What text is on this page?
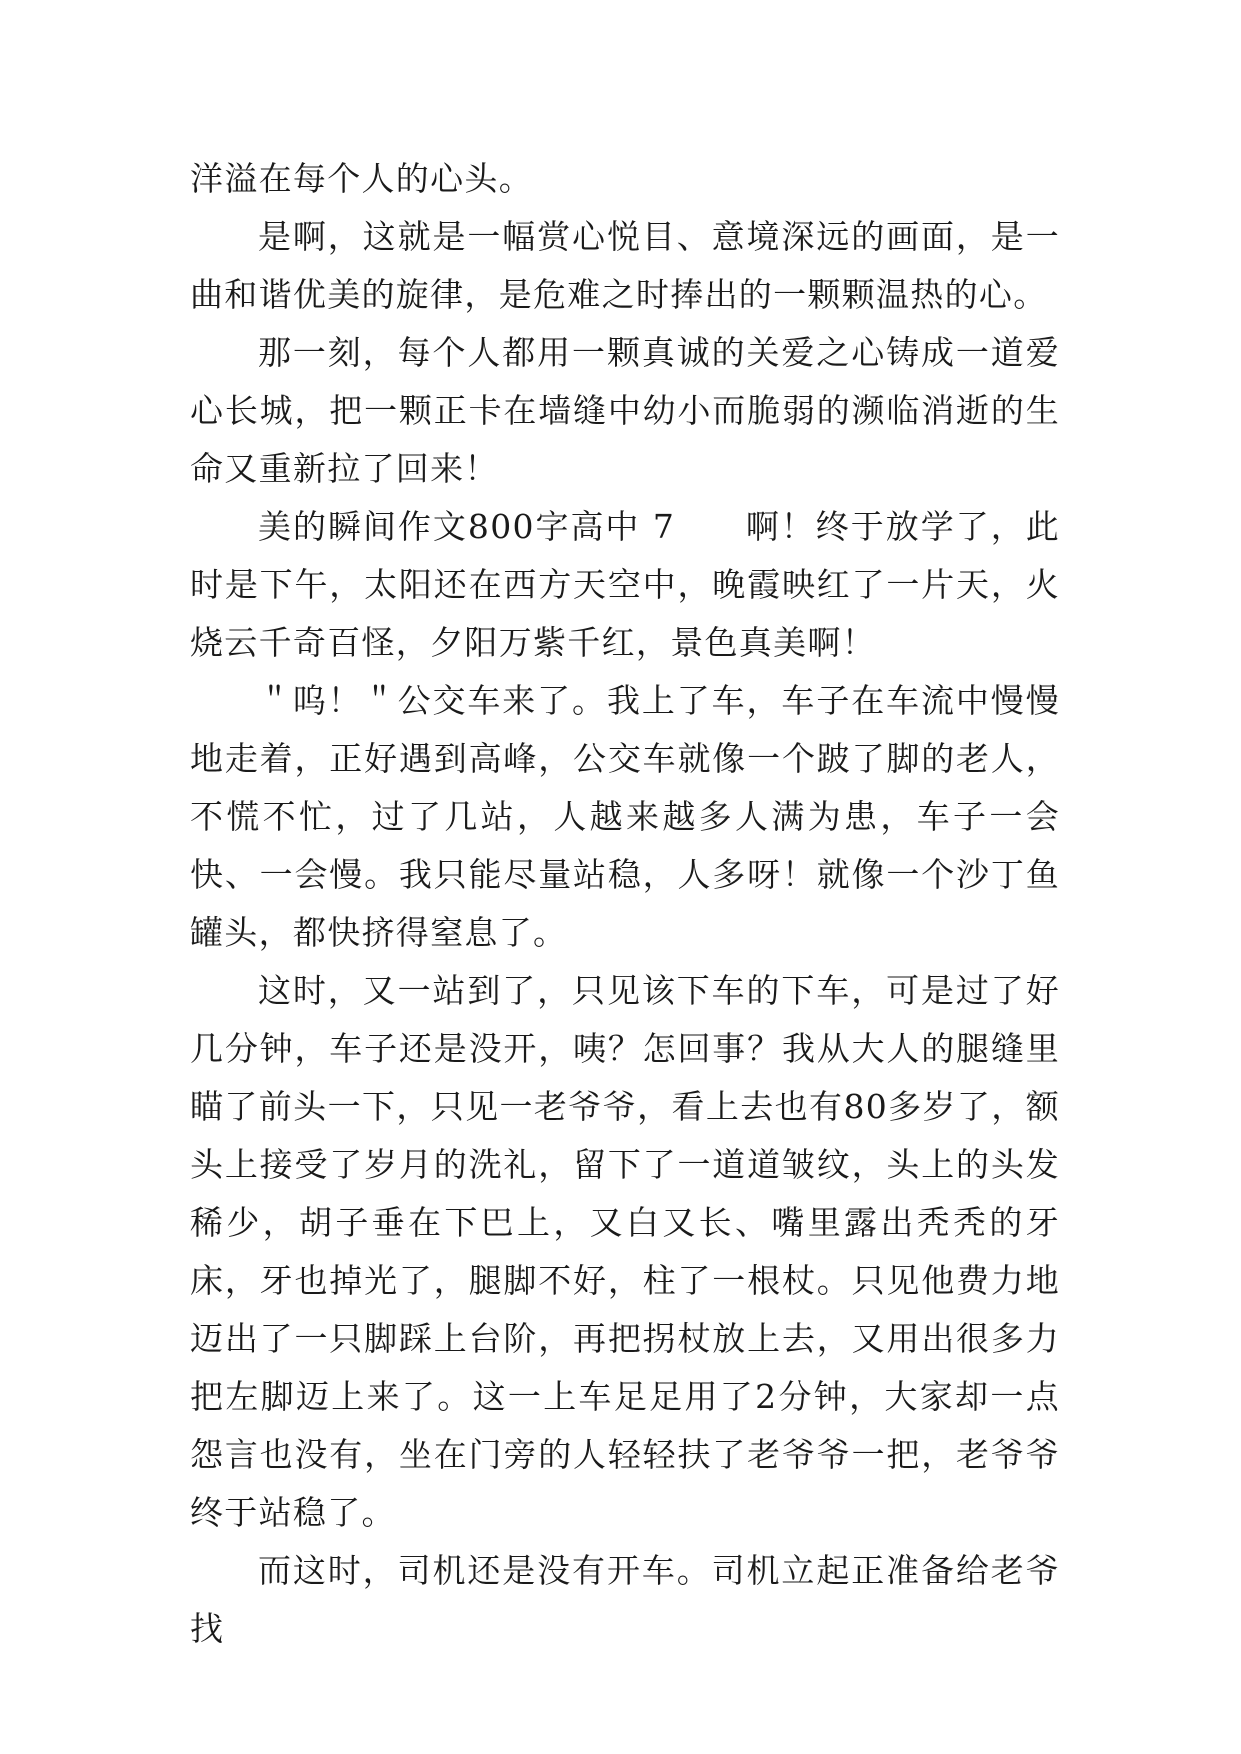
洋溢在每个人的心头。

是啊，这就是一幅赏心悦目、意境深远的画面，是一曲和谐优美的旋律，是危难之时捧出的一颗颗温热的心。

那一刻，每个人都用一颗真诚的关爱之心铸成一道爱心长城，把一颗正卡在墙缝中幼小而脆弱的濒临消逝的生命又重新拉了回来！

美的瞬间作文800字高中 7　　啊！终于放学了，此时是下午，太阳还在西方天空中，晚霞映红了一片天，火烧云千奇百怪，夕阳万紫千红，景色真美啊！

＂呜！＂公交车来了。我上了车，车子在车流中慢慢地走着，正好遇到高峰，公交车就像一个跛了脚的老人，不慌不忙，过了几站，人越来越多人满为患，车子一会快、一会慢。我只能尽量站稳，人多呀！就像一个沙丁鱼罐头，都快挤得窒息了。

这时，又一站到了，只见该下车的下车，可是过了好几分钟，车子还是没开，咦？怎回事？我从大人的腿缝里瞄了前头一下，只见一老爷爷，看上去也有80多岁了，额头上接受了岁月的洗礼，留下了一道道皱纹，头上的头发稀少，胡子垂在下巴上，又白又长、嘴里露出秃秃的牙床，牙也掉光了，腿脚不好，柱了一根杖。只见他费力地迈出了一只脚踩上台阶，再把拐杖放上去，又用出很多力把左脚迈上来了。这一上车足足用了2分钟，大家却一点怨言也没有，坐在门旁的人轻轻扶了老爷爷一把，老爷爷终于站稳了。

而这时，司机还是没有开车。司机立起正准备给老爷找
